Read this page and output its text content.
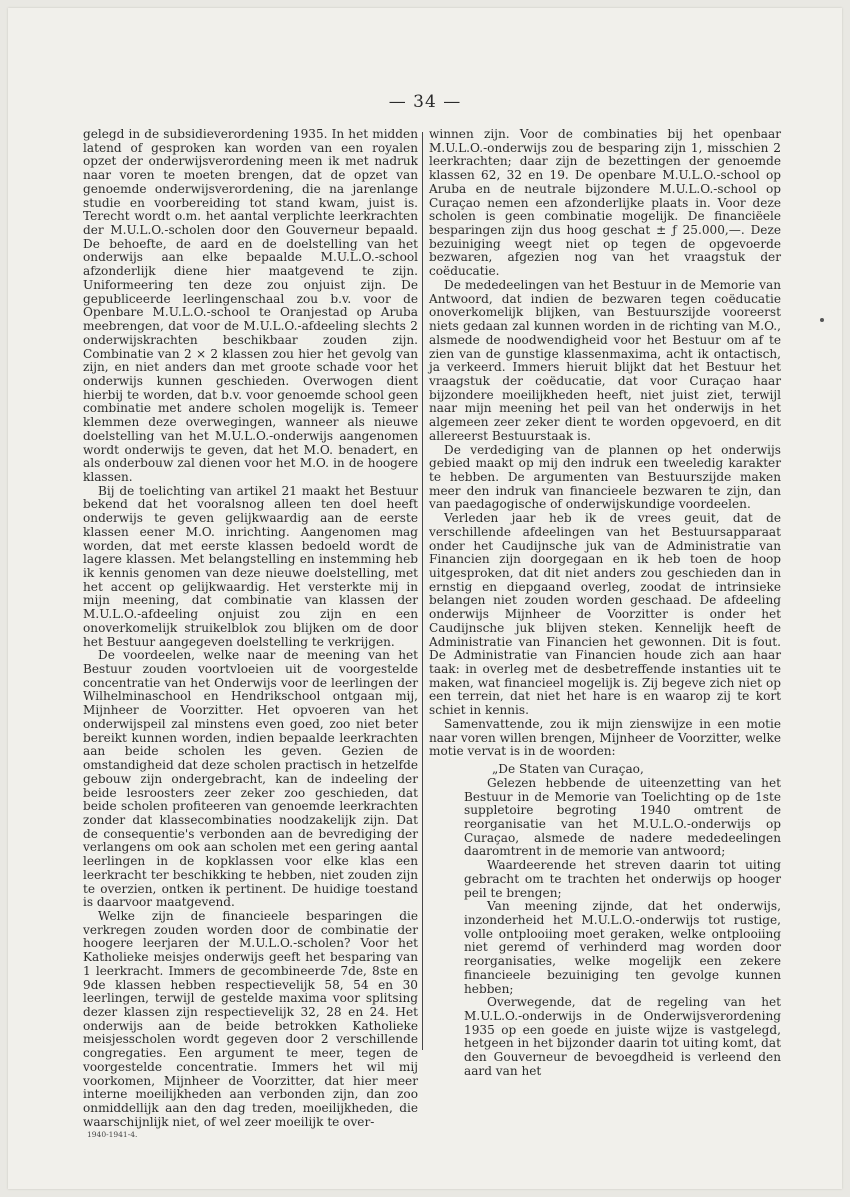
— 34 —

gelegd in de subsidieverordening 1935. In het midden latend of gesproken kan worden van een royalen opzet der onderwijsverordening meen ik met nadruk naar voren te moeten brengen, dat de opzet van genoemde onderwijsverordening, die na jarenlange studie en voorbereiding tot stand kwam, juist is. Terecht wordt o.m. het aantal verplichte leerkrachten der M.U.L.O.-scholen door den Gouverneur bepaald. De behoefte, de aard en de doelstelling van het onderwijs aan elke bepaalde M.U.L.O.-school afzonderlijk diene hier maatgevend te zijn. Uniformeering ten deze zou onjuist zijn. De gepubliceerde leerlingenschaal zou b.v. voor de Openbare M.U.L.O.-school te Oranjestad op Aruba meebrengen, dat voor de M.U.L.O.-afdeeling slechts 2 onderwijskrachten beschikbaar zouden zijn. Combinatie van 2 × 2 klassen zou hier het gevolg van zijn, en niet anders dan met groote schade voor het onderwijs kunnen geschieden. Overwogen dient hierbij te worden, dat b.v. voor genoemde school geen combinatie met andere scholen mogelijk is. Temeer klemmen deze overwegingen, wanneer als nieuwe doelstelling van het M.U.L.O.-onderwijs aangenomen wordt onderwijs te geven, dat het M.O. benadert, en als onderbouw zal dienen voor het M.O. in de hoogere klassen.

Bij de toelichting van artikel 21 maakt het Bestuur bekend dat het vooralsnog alleen ten doel heeft onderwijs te geven gelijkwaardig aan de eerste klassen eener M.O. inrichting. Aangenomen mag worden, dat met eerste klassen bedoeld wordt de lagere klassen. Met belangstelling en instemming heb ik kennis genomen van deze nieuwe doelstelling, met het accent op gelijkwaardig. Het versterkte mij in mijn meening, dat combinatie van klassen der M.U.L.O.-afdeeling onjuist zou zijn en een onoverkomelijk struikelblok zou blijken om de door het Bestuur aangegeven doelstelling te verkrijgen.

De voordeelen, welke naar de meening van het Bestuur zouden voortvloeien uit de voorgestelde concentratie van het Onderwijs voor de leerlingen der Wilhelminaschool en Hendrikschool ontgaan mij, Mijnheer de Voorzitter. Het opvoeren van het onderwijspeil zal minstens even goed, zoo niet beter bereikt kunnen worden, indien bepaalde leerkrachten aan beide scholen les geven. Gezien de omstandigheid dat deze scholen practisch in hetzelfde gebouw zijn ondergebracht, kan de indeeling der beide lesroosters zeer zeker zoo geschieden, dat beide scholen profiteeren van genoemde leerkrachten zonder dat klassecombinaties noodzakelijk zijn. Dat de consequentie's verbonden aan de bevrediging der verlangens om ook aan scholen met een gering aantal leerlingen in de kopklassen voor elke klas een leerkracht ter beschikking te hebben, niet zouden zijn te overzien, ontken ik pertinent. De huidige toestand is daarvoor maatgevend.

Welke zijn de financieele besparingen die verkregen zouden worden door de combinatie der hoogere leerjaren der M.U.L.O.-scholen? Voor het Katholieke meisjes onderwijs geeft het besparing van 1 leerkracht. Immers de gecombineerde 7de, 8ste en 9de klassen hebben respectievelijk 58, 54 en 30 leerlingen, terwijl de gestelde maxima voor splitsing dezer klassen zijn respectievelijk 32, 28 en 24. Het onderwijs aan de beide betrokken Katholieke meisjesscholen wordt gegeven door 2 verschillende congregaties. Een argument te meer, tegen de voorgestelde concentratie. Immers het wil mij voorkomen, Mijnheer de Voorzitter, dat hier meer interne moeilijkheden aan verbonden zijn, dan zoo onmiddellijk aan den dag treden, moeilijkheden, die waarschijnlijk niet, of wel zeer moeilijk te over-

winnen zijn. Voor de combinaties bij het openbaar M.U.L.O.-onderwijs zou de besparing zijn 1, misschien 2 leerkrachten; daar zijn de bezettingen der genoemde klassen 62, 32 en 19. De openbare M.U.L.O.-school op Aruba en de neutrale bijzondere M.U.L.O.-school op Curaçao nemen een afzonderlijke plaats in. Voor deze scholen is geen combinatie mogelijk. De financiëele besparingen zijn dus hoog geschat ± ƒ 25.000,—. Deze bezuiniging weegt niet op tegen de opgevoerde bezwaren, afgezien nog van het vraagstuk der coëducatie.

De mededeelingen van het Bestuur in de Memorie van Antwoord, dat indien de bezwaren tegen coëducatie onoverkomelijk blijken, van Bestuurszijde vooreerst niets gedaan zal kunnen worden in de richting van M.O., alsmede de noodwendigheid voor het Bestuur om af te zien van de gunstige klassenmaxima, acht ik ontactisch, ja verkeerd. Immers hieruit blijkt dat het Bestuur het vraagstuk der coëducatie, dat voor Curaçao haar bijzondere moeilijkheden heeft, niet juist ziet, terwijl naar mijn meening het peil van het onderwijs in het algemeen zeer zeker dient te worden opgevoerd, en dit allereerst Bestuurstaak is.

De verdediging van de plannen op het onderwijs gebied maakt op mij den indruk een tweeledig karakter te hebben. De argumenten van Bestuurszijde maken meer den indruk van financieele bezwaren te zijn, dan van paedagogische of onderwijskundige voordeelen.

Verleden jaar heb ik de vrees geuit, dat de verschillende afdeelingen van het Bestuursapparaat onder het Caudijnsche juk van de Administratie van Financien zijn doorgegaan en ik heb toen de hoop uitgesproken, dat dit niet anders zou geschieden dan in ernstig en diepgaand overleg, zoodat de intrinsieke belangen niet zouden worden geschaad. De afdeeling onderwijs Mijnheer de Voorzitter is onder het Caudijnsche juk blijven steken. Kennelijk heeft de Administratie van Financien het gewonnen. Dit is fout. De Administratie van Financien houde zich aan haar taak: in overleg met de desbetreffende instanties uit te maken, wat financieel mogelijk is. Zij begeve zich niet op een terrein, dat niet het hare is en waarop zij te kort schiet in kennis.

Samenvattende, zou ik mijn zienswijze in een motie naar voren willen brengen, Mijnheer de Voorzitter, welke motie vervat is in de woorden:

„De Staten van Curaçao,

Gelezen hebbende de uiteenzetting van het Bestuur in de Memorie van Toelichting op de 1ste suppletoire begroting 1940 omtrent de reorganisatie van het M.U.L.O.-onderwijs op Curaçao, alsmede de nadere mededeelingen daaromtrent in de memorie van antwoord;

Waardeerende het streven daarin tot uiting gebracht om te trachten het onderwijs op hooger peil te brengen;

Van meening zijnde, dat het onderwijs, inzonderheid het M.U.L.O.-onderwijs tot rustige, volle ontplooiing moet geraken, welke ontplooiing niet geremd of verhinderd mag worden door reorganisaties, welke mogelijk een zekere financieele bezuiniging ten gevolge kunnen hebben;

Overwegende, dat de regeling van het M.U.L.O.-onderwijs in de Onderwijsverordening 1935 op een goede en juiste wijze is vastgelegd, hetgeen in het bijzonder daarin tot uiting komt, dat den Gouverneur de bevoegdheid is verleend den aard van het

1940-1941-4.
